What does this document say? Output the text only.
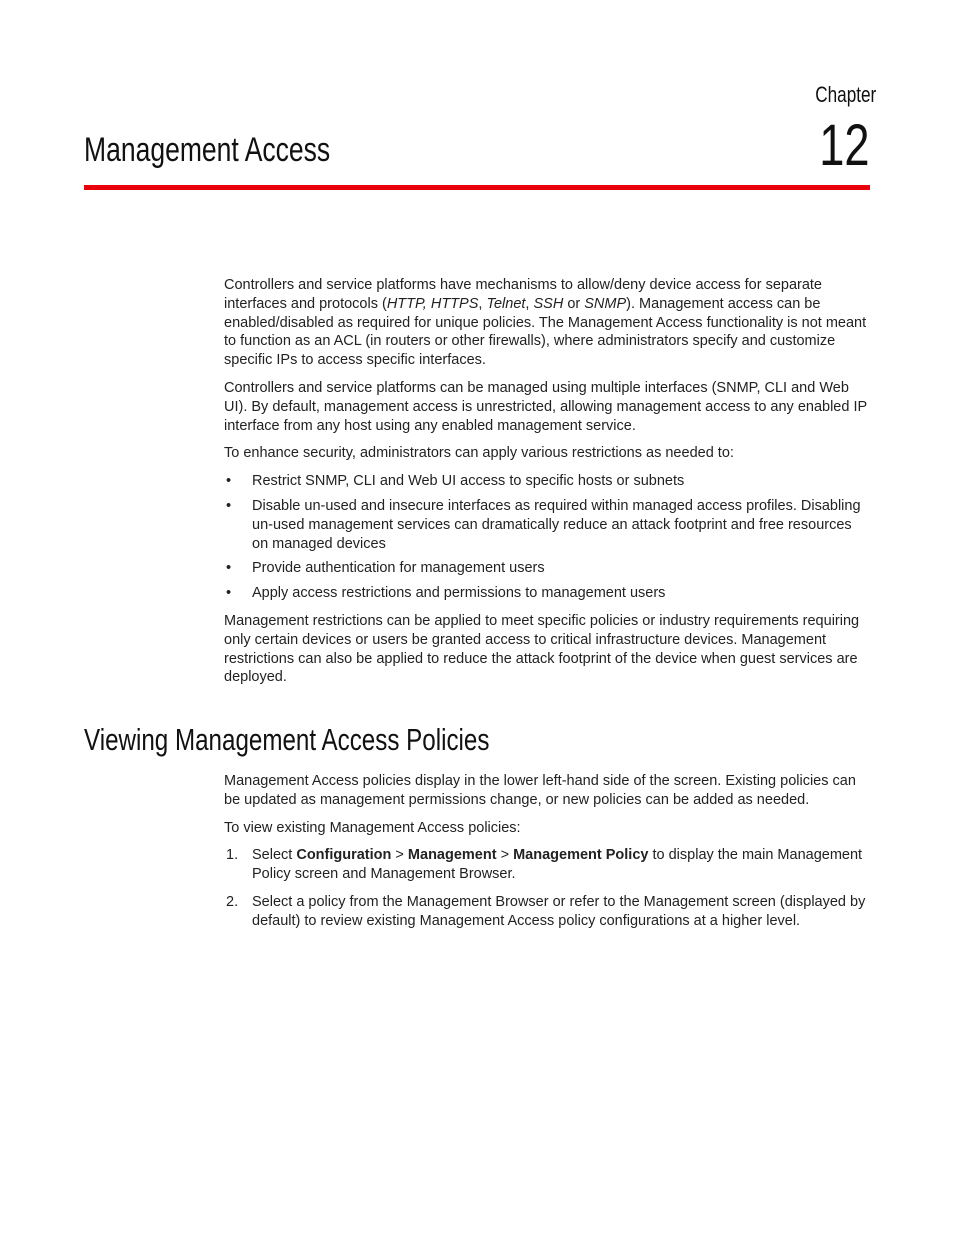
Chapter
12
Management Access

Controllers and service platforms have mechanisms to allow/deny device access for separate interfaces and protocols (HTTP, HTTPS, Telnet, SSH or SNMP). Management access can be enabled/disabled as required for unique policies. The Management Access functionality is not meant to function as an ACL (in routers or other firewalls), where administrators specify and customize specific IPs to access specific interfaces.

Controllers and service platforms can be managed using multiple interfaces (SNMP, CLI and Web UI). By default, management access is unrestricted, allowing management access to any enabled IP interface from any host using any enabled management service.

To enhance security, administrators can apply various restrictions as needed to:

• Restrict SNMP, CLI and Web UI access to specific hosts or subnets
• Disable un-used and insecure interfaces as required within managed access profiles. Disabling un-used management services can dramatically reduce an attack footprint and free resources on managed devices
• Provide authentication for management users
• Apply access restrictions and permissions to management users

Management restrictions can be applied to meet specific policies or industry requirements requiring only certain devices or users be granted access to critical infrastructure devices. Management restrictions can also be applied to reduce the attack footprint of the device when guest services are deployed.

Viewing Management Access Policies

Management Access policies display in the lower left-hand side of the screen. Existing policies can be updated as management permissions change, or new policies can be added as needed.

To view existing Management Access policies:

1. Select Configuration > Management > Management Policy to display the main Management Policy screen and Management Browser.
2. Select a policy from the Management Browser or refer to the Management screen (displayed by default) to review existing Management Access policy configurations at a higher level.
